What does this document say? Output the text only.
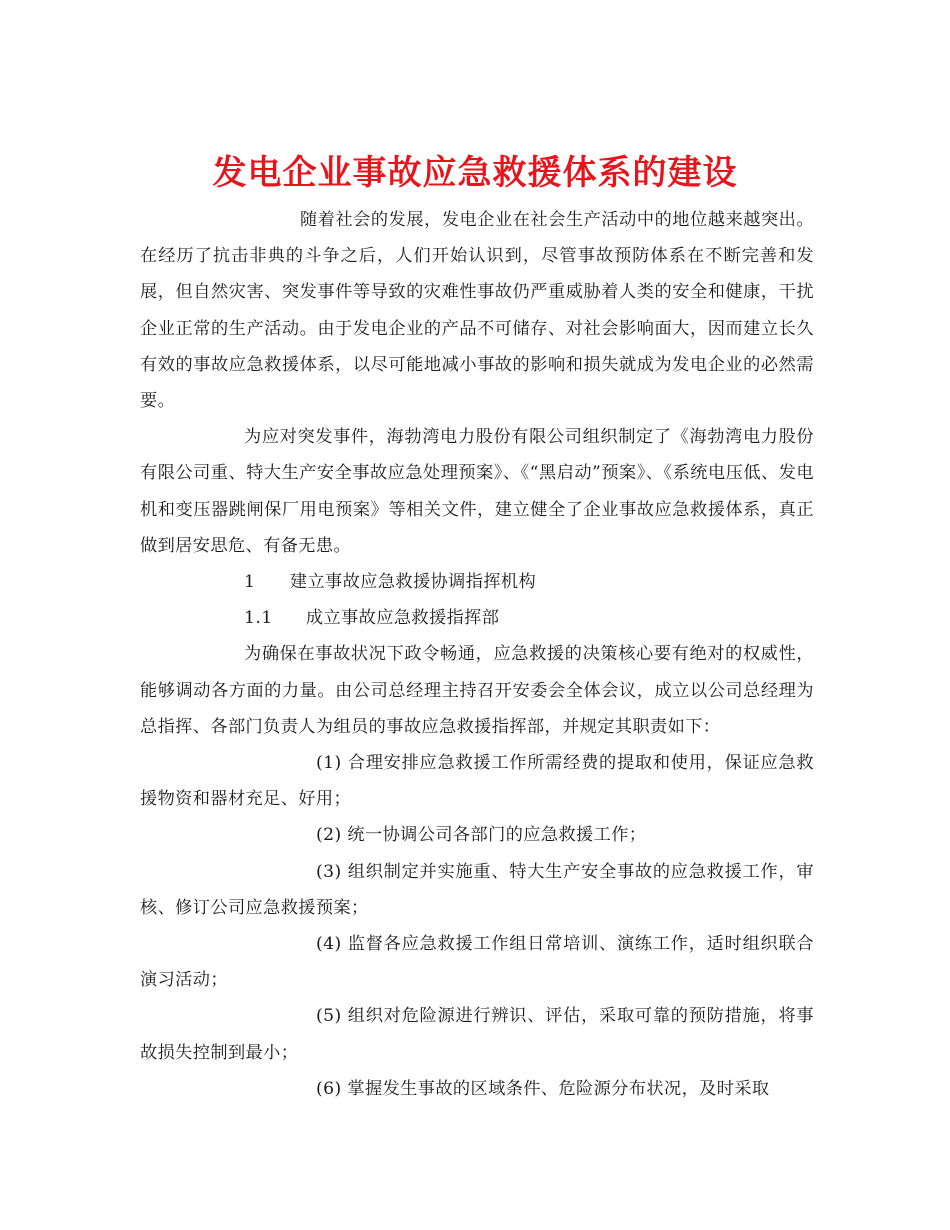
发电企业事故应急救援体系的建设

随着社会的发展，发电企业在社会生产活动中的地位越来越突出。在经历了抗击非典的斗争之后，人们开始认识到，尽管事故预防体系在不断完善和发展，但自然灾害、突发事件等导致的灾难性事故仍严重威胁着人类的安全和健康，干扰企业正常的生产活动。由于发电企业的产品不可储存、对社会影响面大，因而建立长久有效的事故应急救援体系，以尽可能地减小事故的影响和损失就成为发电企业的必然需要。

为应对突发事件，海勃湾电力股份有限公司组织制定了《海勃湾电力股份有限公司重、特大生产安全事故应急处理预案》、《“黑启动”预案》、《系统电压低、发电机和变压器跳闸保厂用电预案》等相关文件，建立健全了企业事故应急救援体系，真正做到居安思危、有备无患。

1 建立事故应急救援协调指挥机构

1.1 成立事故应急救援指挥部

为确保在事故状况下政令畅通，应急救援的决策核心要有绝对的权威性，能够调动各方面的力量。由公司总经理主持召开安委会全体会议，成立以公司总经理为总指挥、各部门负责人为组员的事故应急救援指挥部，并规定其职责如下：

(1) 合理安排应急救援工作所需经费的提取和使用，保证应急救援物资和器材充足、好用；

(2) 统一协调公司各部门的应急救援工作；

(3) 组织制定并实施重、特大生产安全事故的应急救援工作，审核、修订公司应急救援预案；

(4) 监督各应急救援工作组日常培训、演练工作，适时组织联合演习活动；

(5) 组织对危险源进行辨识、评估，采取可靠的预防措施，将事故损失控制到最小；

(6) 掌握发生事故的区域条件、危险源分布状况，及时采取
